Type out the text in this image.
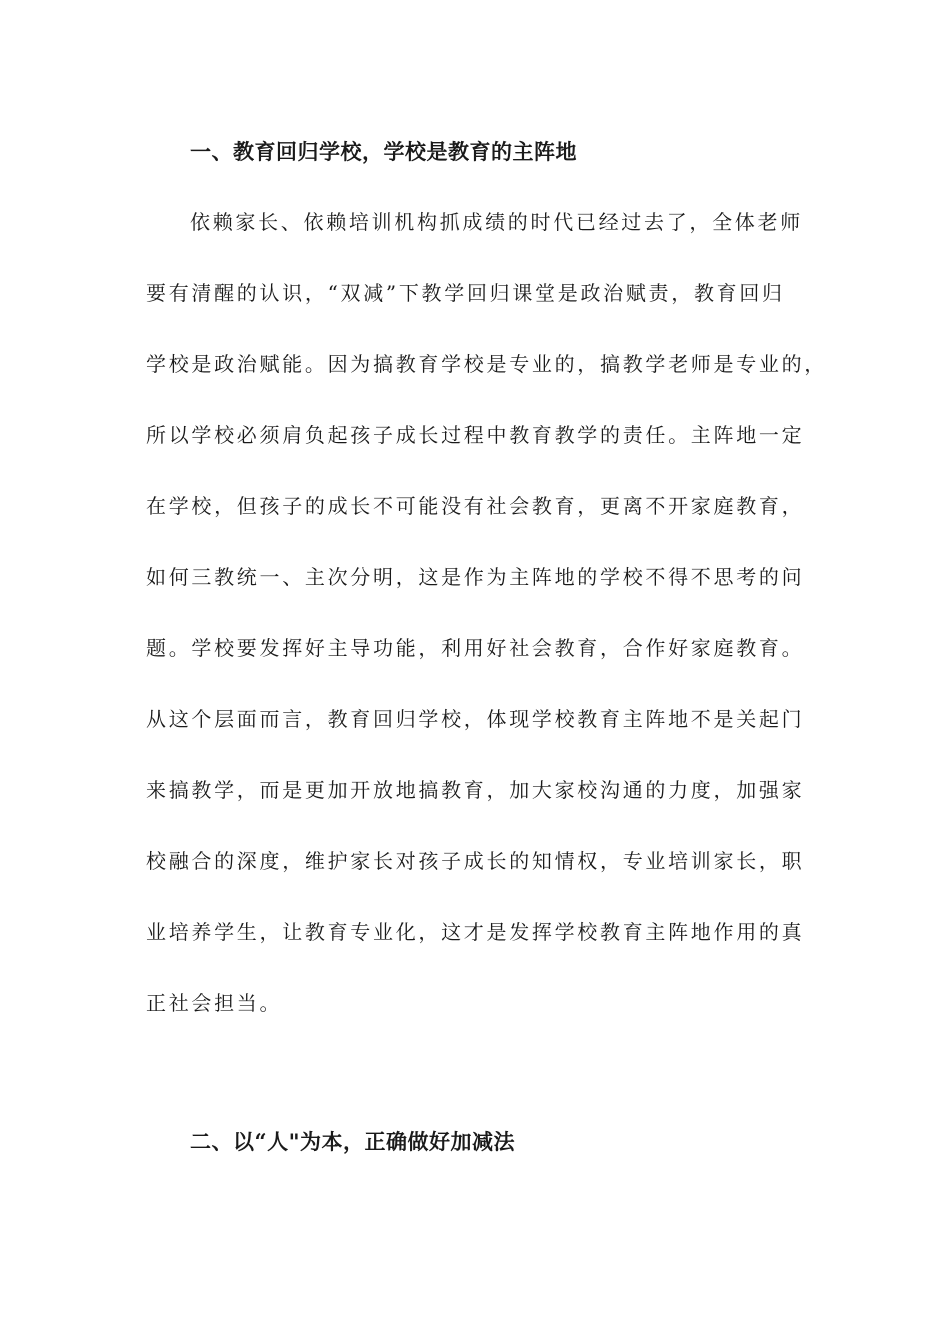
一、教育回归学校，学校是教育的主阵地
依赖家长、依赖培训机构抓成绩的时代已经过去了，全体老师
要有清醒的认识，“双减”下教学回归课堂是政治赋责，教育回归
学校是政治赋能。因为搞教育学校是专业的，搞教学老师是专业的，
所以学校必须肩负起孩子成长过程中教育教学的责任。主阵地一定
在学校，但孩子的成长不可能没有社会教育，更离不开家庭教育，
如何三教统一、主次分明，这是作为主阵地的学校不得不思考的问
题。学校要发挥好主导功能，利用好社会教育，合作好家庭教育。
从这个层面而言，教育回归学校，体现学校教育主阵地不是关起门
来搞教学，而是更加开放地搞教育，加大家校沟通的力度，加强家
校融合的深度，维护家长对孩子成长的知情权，专业培训家长，职
业培养学生，让教育专业化，这才是发挥学校教育主阵地作用的真
正社会担当。
二、以“人"为本，正确做好加减法
